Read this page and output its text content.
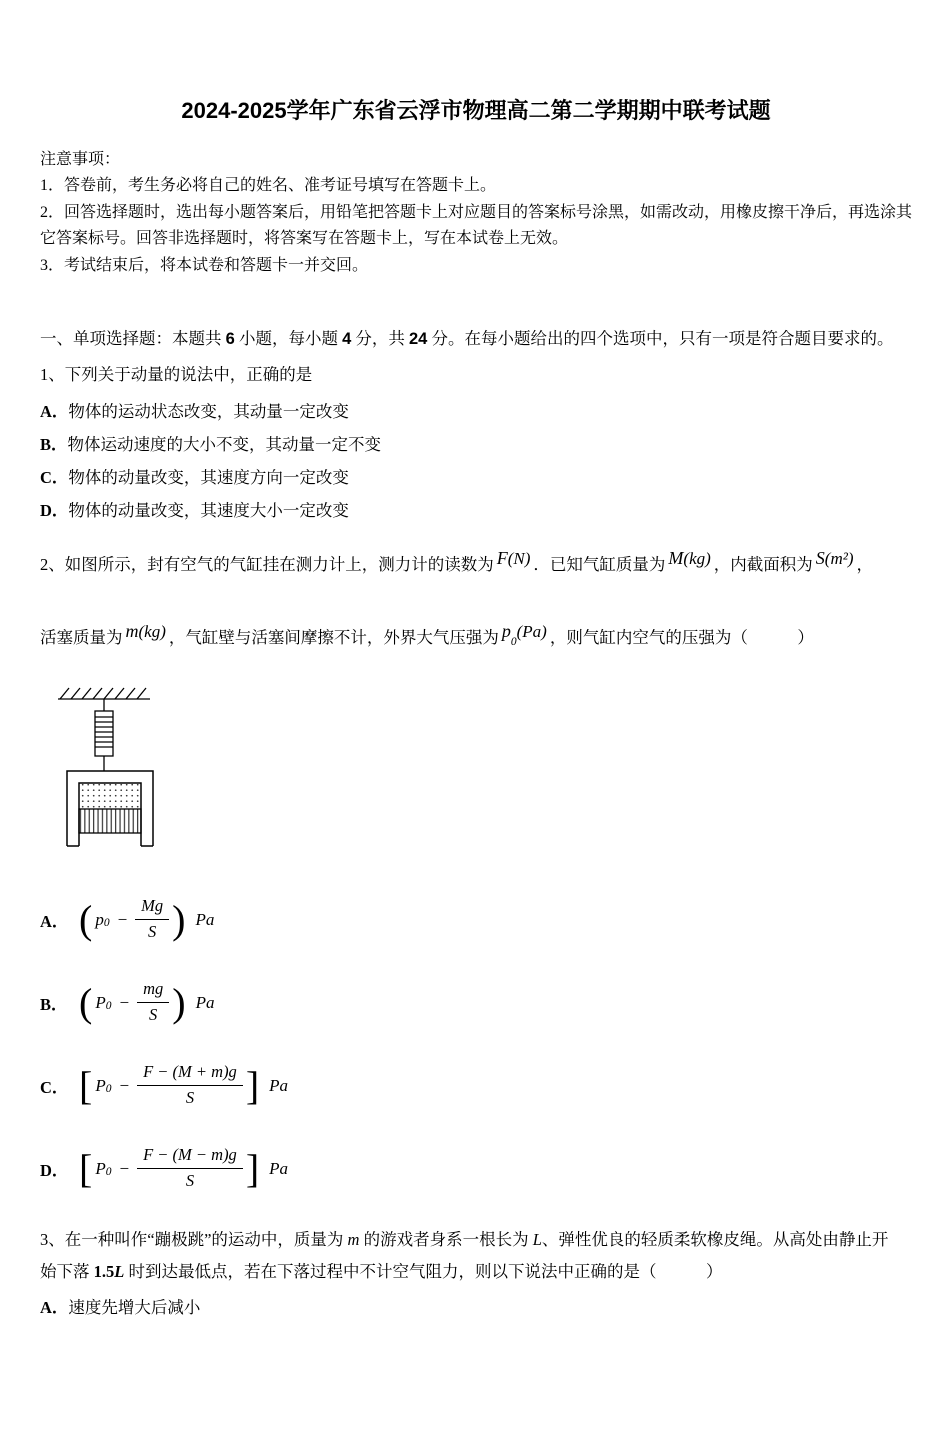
2024-2025学年广东省云浮市物理高二第二学期期中联考试题
注意事项：
1．答卷前，考生务必将自己的姓名、准考证号填写在答题卡上。
2．回答选择题时，选出每小题答案后，用铅笔把答题卡上对应题目的答案标号涂黑，如需改动，用橡皮擦干净后，再选涂其它答案标号。回答非选择题时，将答案写在答题卡上，写在本试卷上无效。
3．考试结束后，将本试卷和答题卡一并交回。
一、单项选择题：本题共 6 小题，每小题 4 分，共 24 分。在每小题给出的四个选项中，只有一项是符合题目要求的。
1、下列关于动量的说法中，正确的是
A．物体的运动状态改变，其动量一定改变
B．物体运动速度的大小不变，其动量一定不变
C．物体的动量改变，其速度方向一定改变
D．物体的动量改变，其速度大小一定改变
2、如图所示，封有空气的气缸挂在测力计上，测力计的读数为 F(N) ．已知气缸质量为 M(kg) ，内截面积为 S(m²) ，
活塞质量为 m(kg) ，气缸壁与活塞间摩擦不计，外界大气压强为 $p_0(Pa)$ ，则气缸内空气的压强为（　　　）
A． ( $p_0 - \frac{Mg}{S}$ ) Pa
B． ( $P_0 - \frac{mg}{S}$ ) Pa
C． [ $P_0 - \frac{F - (M + m)g}{S}$ ] Pa
D． [ $P_0 - \frac{F - (M - m)g}{S}$ ] Pa
3、在一种叫作“蹦极跳”的运动中，质量为 m 的游戏者身系一根长为 L、弹性优良的轻质柔软橡皮绳。从高处由静止开
始下落 1.5L 时到达最低点，若在下落过程中不计空气阻力，则以下说法中正确的是（　　　）
A．速度先增大后减小
